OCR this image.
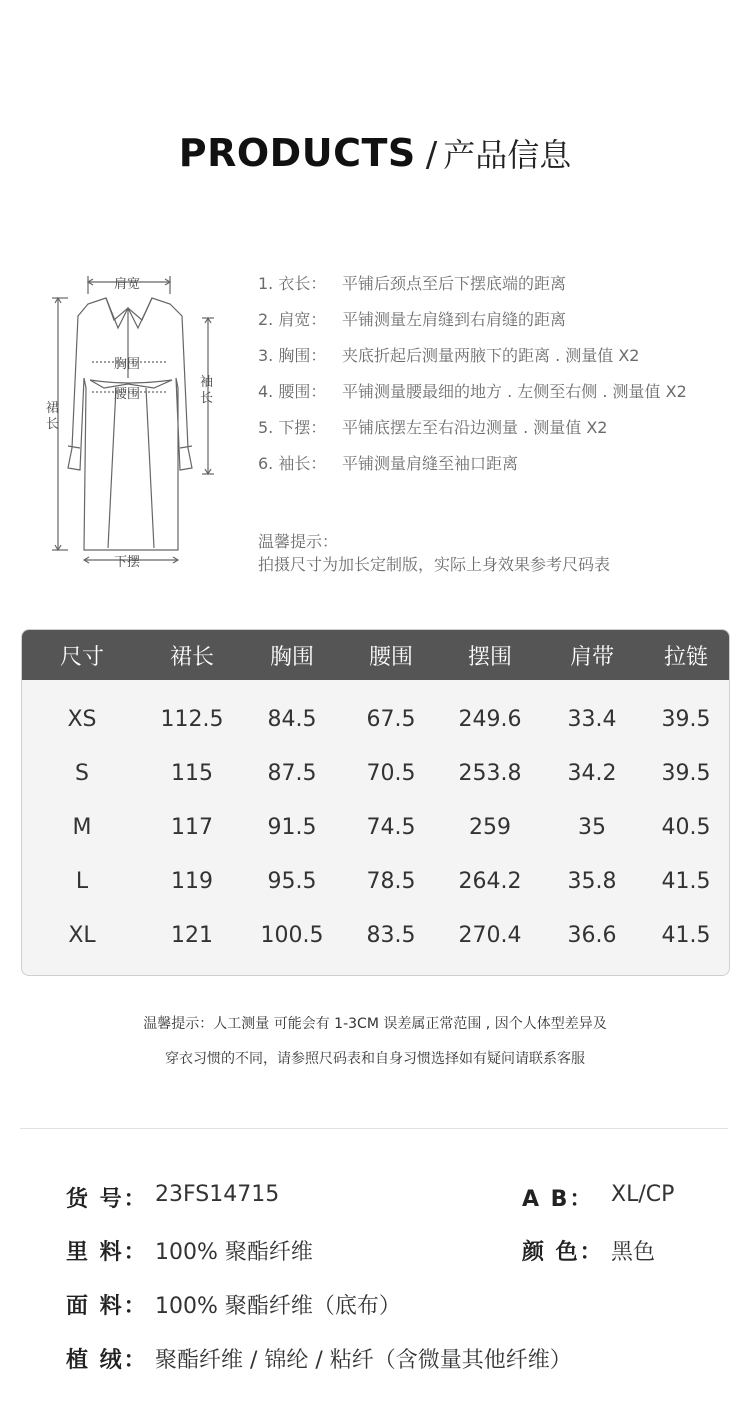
PRODUCTS / 产品信息
肩宽
胸围
腰围
裙
长
袖
长
下摆
1. 衣长： 平铺后颈点至后下摆底端的距离
2. 肩宽： 平铺测量左肩缝到右肩缝的距离
3. 胸围： 夹底折起后测量两腋下的距离 . 测量值 X2
4. 腰围： 平铺测量腰最细的地方 . 左侧至右侧 . 测量值 X2
5. 下摆： 平铺底摆左至右沿边测量 . 测量值 X2
6. 袖长： 平铺测量肩缝至袖口距离
温馨提示：
拍摄尺寸为加长定制版，实际上身效果参考尺码表
尺寸	裙长	胸围	腰围	摆围	肩带	拉链
XS	112.5	84.5	67.5	249.6	33.4	39.5
S	115	87.5	70.5	253.8	34.2	39.5
M	117	91.5	74.5	259	35	40.5
L	119	95.5	78.5	264.2	35.8	41.5
XL	121	100.5	83.5	270.4	36.6	41.5
温馨提示：人工测量 可能会有 1-3CM 误差属正常范围 , 因个人体型差异及
穿衣习惯的不同，请参照尺码表和自身习惯选择如有疑问请联系客服
货 号： 23FS14715	A B： XL/CP
里 料： 100% 聚酯纤维	颜 色： 黑色
面 料： 100% 聚酯纤维（底布）
植 绒： 聚酯纤维 / 锦纶 / 粘纤（含微量其他纤维）
